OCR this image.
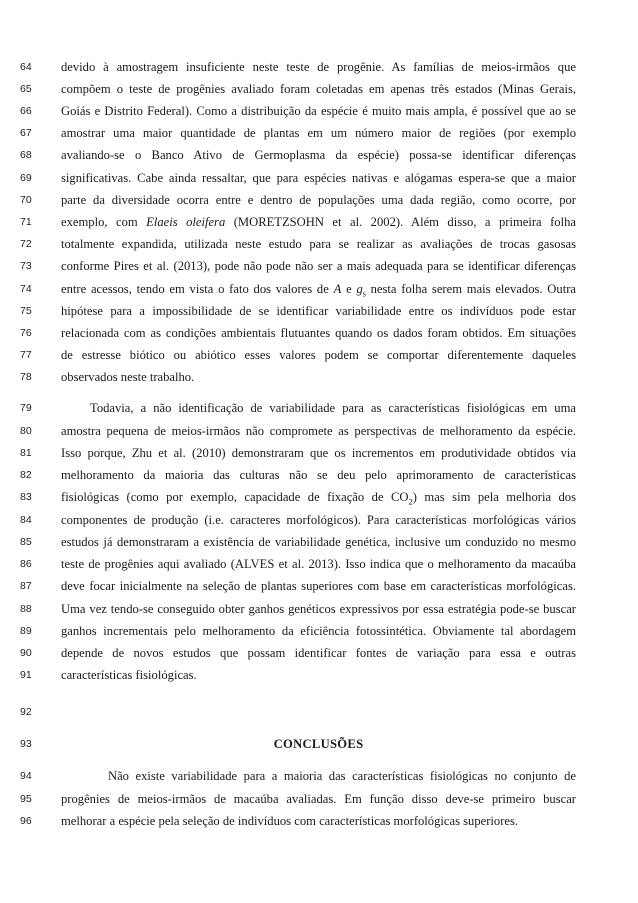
64	devido à amostragem insuficiente neste teste de progênie. As famílias de meios-irmãos que
65	compõem o teste de progênies avaliado foram coletadas em apenas três estados (Minas Gerais,
66	Goiás e Distrito Federal). Como a distribuição da espécie é muito mais ampla, é possível que ao se
67	amostrar uma maior quantidade de plantas em um número maior de regiões (por exemplo
68	avaliando-se o Banco Ativo de Germoplasma da espécie) possa-se identificar diferenças
69	significativas. Cabe ainda ressaltar, que para espécies nativas e alógamas espera-se que a maior
70	parte da diversidade ocorra entre e dentro de populações uma dada região, como ocorre, por
71	exemplo, com Elaeis oleifera (MORETZSOHN et al. 2002). Além disso, a primeira folha
72	totalmente expandida, utilizada neste estudo para se realizar as avaliações de trocas gasosas
73	conforme Pires et al. (2013), pode não pode não ser a mais adequada para se identificar diferenças
74	entre acessos, tendo em vista o fato dos valores de A e $g_s$ nesta folha serem mais elevados. Outra
75	hipótese para a impossibilidade de se identificar variabilidade entre os indivíduos pode estar
76	relacionada com as condições ambientais flutuantes quando os dados foram obtidos. Em situações
77	de estresse biótico ou abiótico esses valores podem se comportar diferentemente daqueles
78	observados neste trabalho.
79	Todavia, a não identificação de variabilidade para as características fisiológicas em uma
80	amostra pequena de meios-irmãos não compromete as perspectivas de melhoramento da espécie.
81	Isso porque, Zhu et al. (2010) demonstraram que os incrementos em produtividade obtidos via
82	melhoramento da maioria das culturas não se deu pelo aprimoramento de características
83	fisiológicas (como por exemplo, capacidade de fixação de $CO_2$) mas sim pela melhoria dos
84	componentes de produção (i.e. caracteres morfológicos). Para características morfológicas vários
85	estudos já demonstraram a existência de variabilidade genética, inclusive um conduzido no mesmo
86	teste de progênies aqui avaliado (ALVES et al. 2013). Isso indica que o melhoramento da macaúba
87	deve focar inicialmente na seleção de plantas superiores com base em características morfológicas.
88	Uma vez tendo-se conseguido obter ganhos genéticos expressivos por essa estratégia pode-se buscar
89	ganhos incrementais pelo melhoramento da eficiência fotossintética. Obviamente tal abordagem
90	depende de novos estudos que possam identificar fontes de variação para essa e outras
91	características fisiológicas.
92
93	CONCLUSÕES
94	Não existe variabilidade para a maioria das características fisiológicas no conjunto de
95	progênies de meios-irmãos de macaúba avaliadas. Em função disso deve-se primeiro buscar
96	melhorar a espécie pela seleção de indivíduos com características morfológicas superiores.
